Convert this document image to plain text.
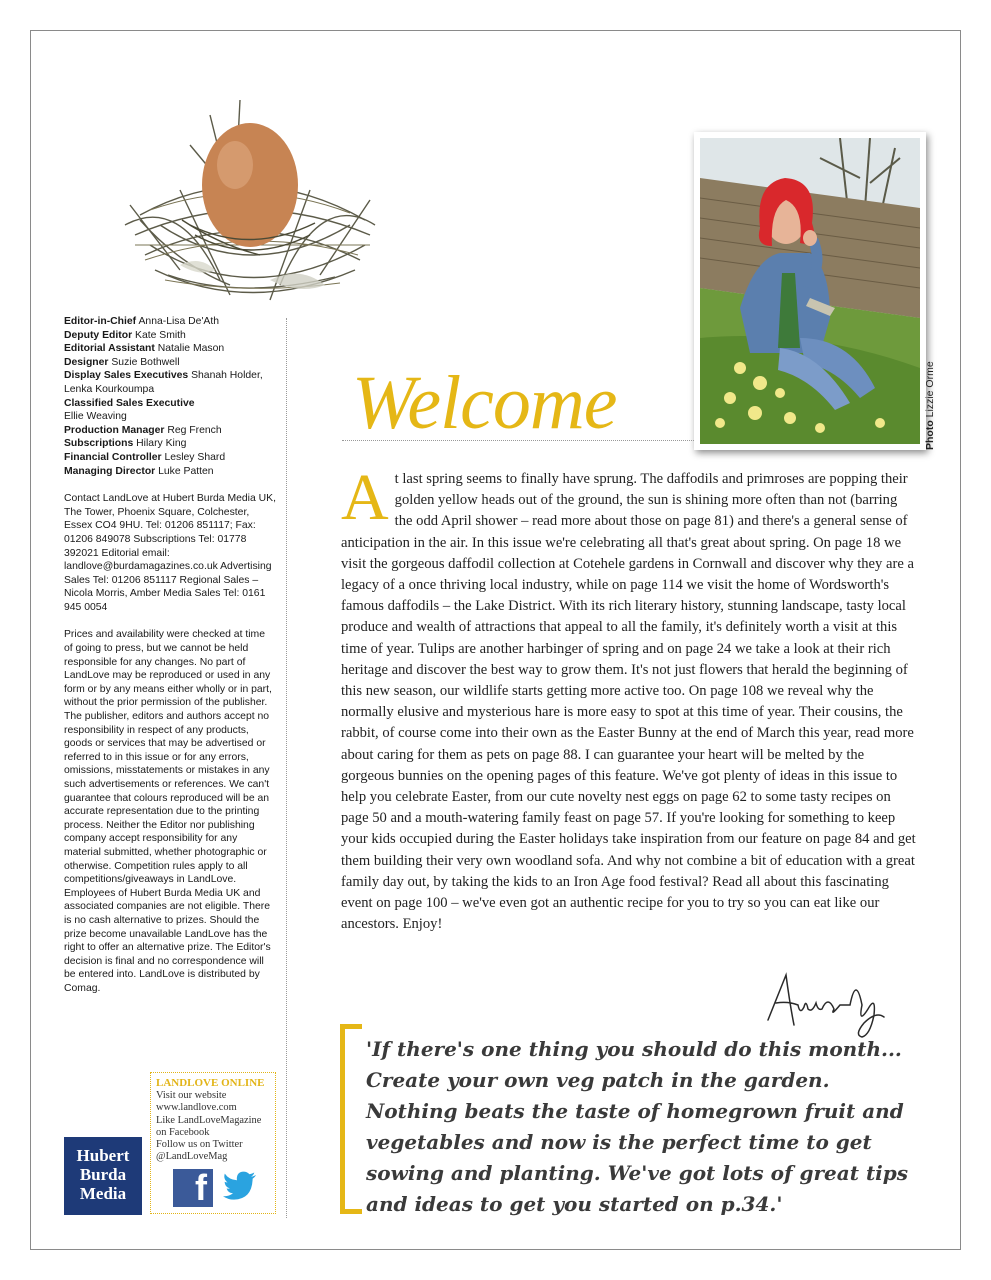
Editor-in-Chief Anna-Lisa De'Ath
Deputy Editor Kate Smith
Editorial Assistant Natalie Mason
Designer Suzie Bothwell
Display Sales Executives Shanah Holder, Lenka Kourkoumpa
Classified Sales Executive
Ellie Weaving
Production Manager Reg French
Subscriptions Hilary King
Financial Controller Lesley Shard
Managing Director Luke Patten

Contact LandLove at Hubert Burda Media UK, The Tower, Phoenix Square, Colchester, Essex CO4 9HU. Tel: 01206 851117; Fax: 01206 849078 Subscriptions Tel: 01778 392021 Editorial email: landlove@burdamagazines.co.uk Advertising Sales Tel: 01206 851117 Regional Sales – Nicola Morris, Amber Media Sales Tel: 0161 945 0054

Prices and availability were checked at time of going to press, but we cannot be held responsible for any changes. No part of LandLove may be reproduced or used in any form or by any means either wholly or in part, without the prior permission of the publisher. The publisher, editors and authors accept no responsibility in respect of any products, goods or services that may be advertised or referred to in this issue or for any errors, omissions, misstatements or mistakes in any such advertisements or references. We can't guarantee that colours reproduced will be an accurate representation due to the printing process. Neither the Editor nor publishing company accept responsibility for any material submitted, whether photographic or otherwise. Competition rules apply to all competitions/giveaways in LandLove. Employees of Hubert Burda Media UK and associated companies are not eligible. There is no cash alternative to prizes. Should the prize become unavailable LandLove has the right to offer an alternative prize. The Editor's decision is final and no correspondence will be entered into. LandLove is distributed by Comag.

LANDLOVE ONLINE
Visit our website
www.landlove.com
Like LandLoveMagazine
on Facebook
Follow us on Twitter
@LandLoveMag
f
Hubert
Burda
Media
Photo Lizzie Orme
Welcome
A t last spring seems to finally have sprung. The daffodils and primroses are popping their golden yellow heads out of the ground, the sun is shining more often than not (barring the odd April shower – read more about those on page 81) and there's a general sense of anticipation in the air. In this issue we're celebrating all that's great about spring. On page 18 we visit the gorgeous daffodil collection at Cotehele gardens in Cornwall and discover why they are a legacy of a once thriving local industry, while on page 114 we visit the home of Wordsworth's famous daffodils – the Lake District. With its rich literary history, stunning landscape, tasty local produce and wealth of attractions that appeal to all the family, it's definitely worth a visit at this time of year. Tulips are another harbinger of spring and on page 24 we take a look at their rich heritage and discover the best way to grow them. It's not just flowers that herald the beginning of this new season, our wildlife starts getting more active too. On page 108 we reveal why the normally elusive and mysterious hare is more easy to spot at this time of year. Their cousins, the rabbit, of course come into their own as the Easter Bunny at the end of March this year, read more about caring for them as pets on page 88. I can guarantee your heart will be melted by the gorgeous bunnies on the opening pages of this feature. We've got plenty of ideas in this issue to help you celebrate Easter, from our cute novelty nest eggs on page 62 to some tasty recipes on page 50 and a mouth-watering family feast on page 57. If you're looking for something to keep your kids occupied during the Easter holidays take inspiration from our feature on page 84 and get them building their very own woodland sofa. And why not combine a bit of education with a great family day out, by taking the kids to an Iron Age food festival? Read all about this fascinating event on page 100 – we've even got an authentic recipe for you to try so you can eat like our ancestors. Enjoy!
'If there's one thing you should do this month... Create your own veg patch in the garden. Nothing beats the taste of homegrown fruit and vegetables and now is the perfect time to get sowing and planting. We've got lots of great tips and ideas to get you started on p.34.'
